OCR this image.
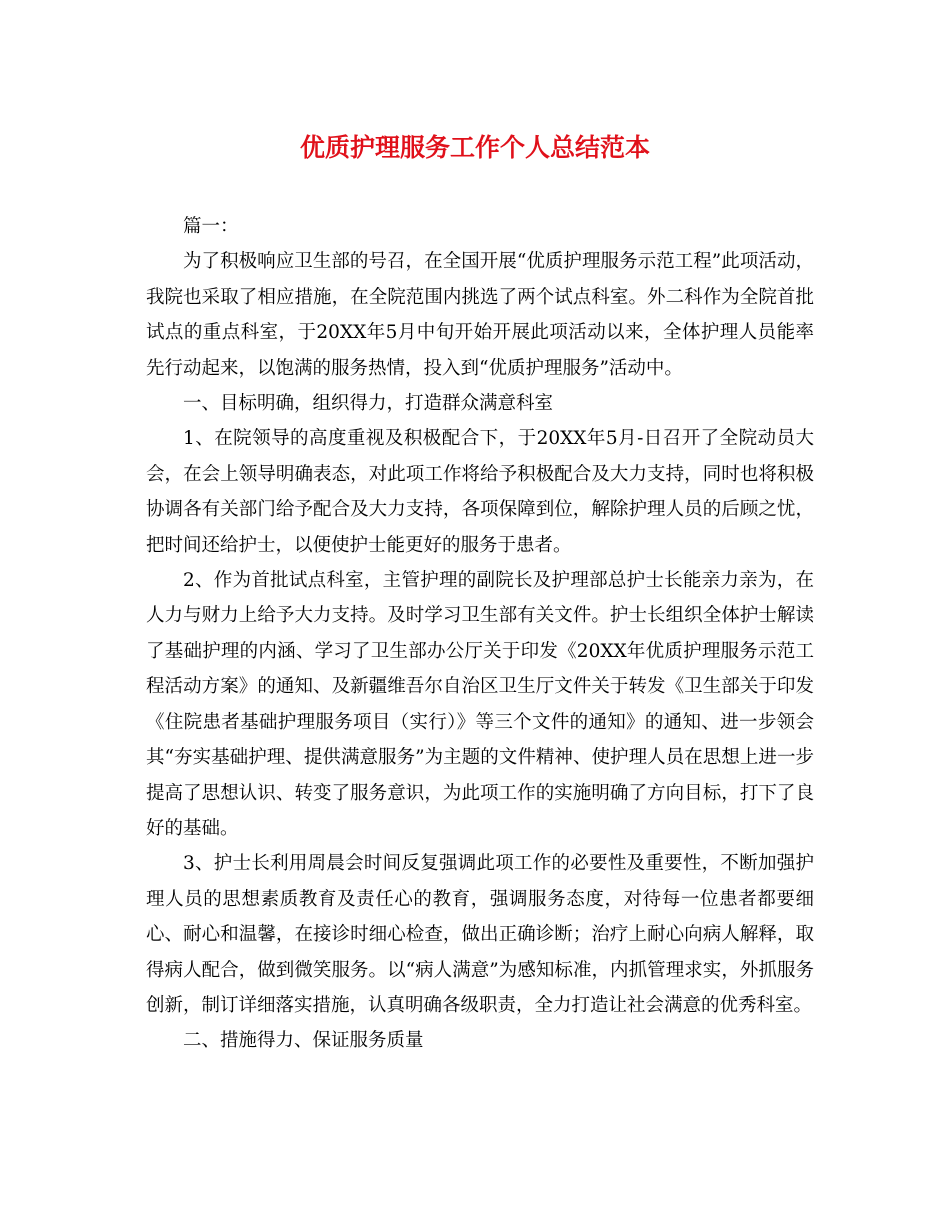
优质护理服务工作个人总结范本

篇一：

为了积极响应卫生部的号召，在全国开展“优质护理服务示范工程”此项活动，我院也采取了相应措施，在全院范围内挑选了两个试点科室。外二科作为全院首批试点的重点科室，于20XX年5月中旬开始开展此项活动以来，全体护理人员能率先行动起来，以饱满的服务热情，投入到“优质护理服务”活动中。

一、目标明确，组织得力，打造群众满意科室

1、在院领导的高度重视及积极配合下，于20XX年5月-日召开了全院动员大会，在会上领导明确表态，对此项工作将给予积极配合及大力支持，同时也将积极协调各有关部门给予配合及大力支持，各项保障到位，解除护理人员的后顾之忧，把时间还给护士，以便使护士能更好的服务于患者。

2、作为首批试点科室，主管护理的副院长及护理部总护士长能亲力亲为，在人力与财力上给予大力支持。及时学习卫生部有关文件。护士长组织全体护士解读了基础护理的内涵、学习了卫生部办公厅关于印发《20XX年优质护理服务示范工程活动方案》的通知、及新疆维吾尔自治区卫生厅文件关于转发《卫生部关于印发《住院患者基础护理服务项目（实行）》等三个文件的通知》的通知、进一步领会其“夯实基础护理、提供满意服务”为主题的文件精神、使护理人员在思想上进一步提高了思想认识、转变了服务意识，为此项工作的实施明确了方向目标，打下了良好的基础。

3、护士长利用周晨会时间反复强调此项工作的必要性及重要性，不断加强护理人员的思想素质教育及责任心的教育，强调服务态度，对待每一位患者都要细心、耐心和温馨，在接诊时细心检查，做出正确诊断；治疗上耐心向病人解释，取得病人配合，做到微笑服务。以“病人满意”为感知标准，内抓管理求实，外抓服务创新，制订详细落实措施，认真明确各级职责，全力打造让社会满意的优秀科室。

二、措施得力、保证服务质量
